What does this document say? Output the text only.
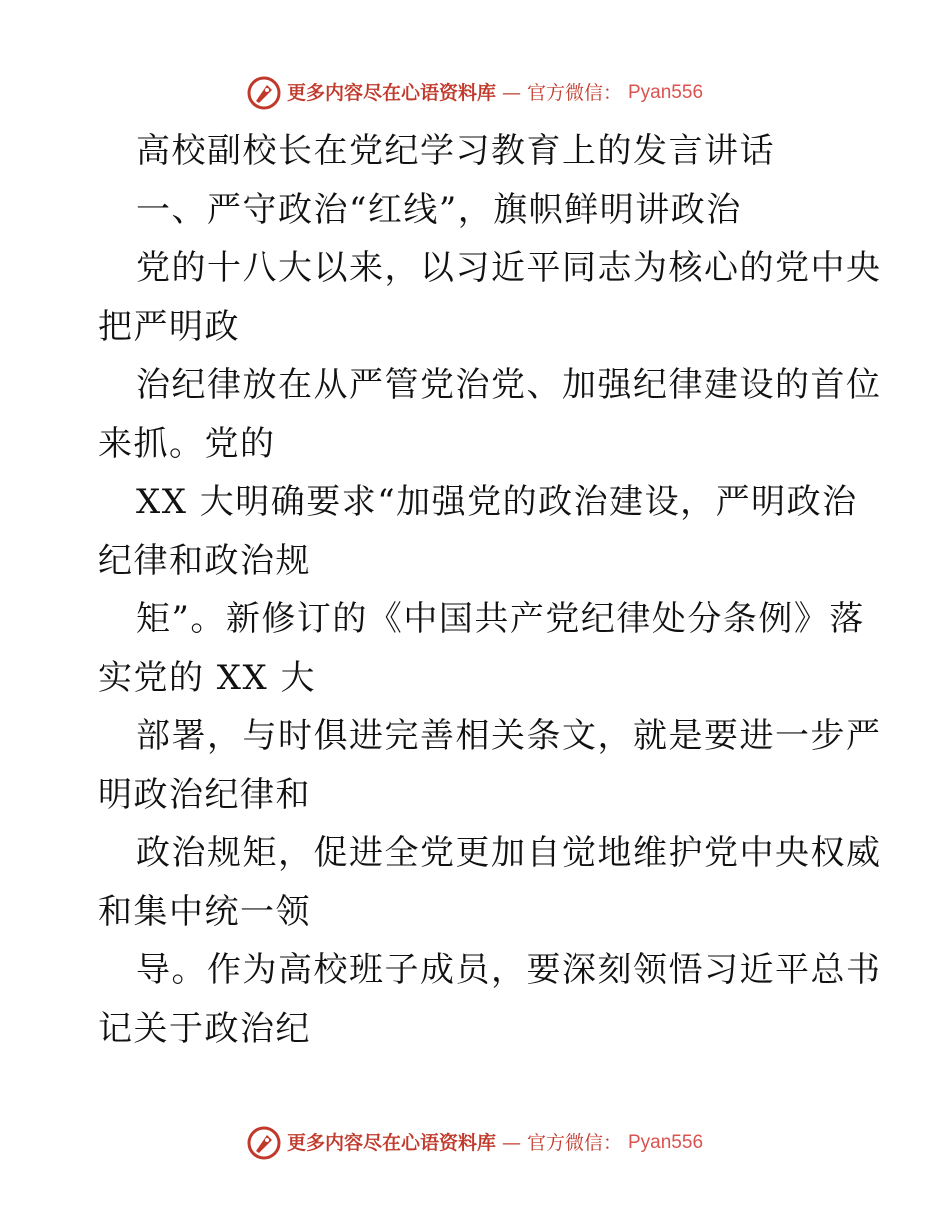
更多内容尽在心语资料库 — 官方微信： Pyan556
高校副校长在党纪学习教育上的发言讲话
一、严守政治“红线”，旗帜鲜明讲政治
党的十八大以来，以习近平同志为核心的党中央
把严明政
治纪律放在从严管党治党、加强纪律建设的首位
来抓。党的
XX 大明确要求“加强党的政治建设，严明政治
纪律和政治规
矩”。新修订的《中国共产党纪律处分条例》落
实党的 XX 大
部署，与时俱进完善相关条文，就是要进一步严
明政治纪律和
政治规矩，促进全党更加自觉地维护党中央权威
和集中统一领
导。作为高校班子成员，要深刻领悟习近平总书
记关于政治纪
更多内容尽在心语资料库 — 官方微信： Pyan556
